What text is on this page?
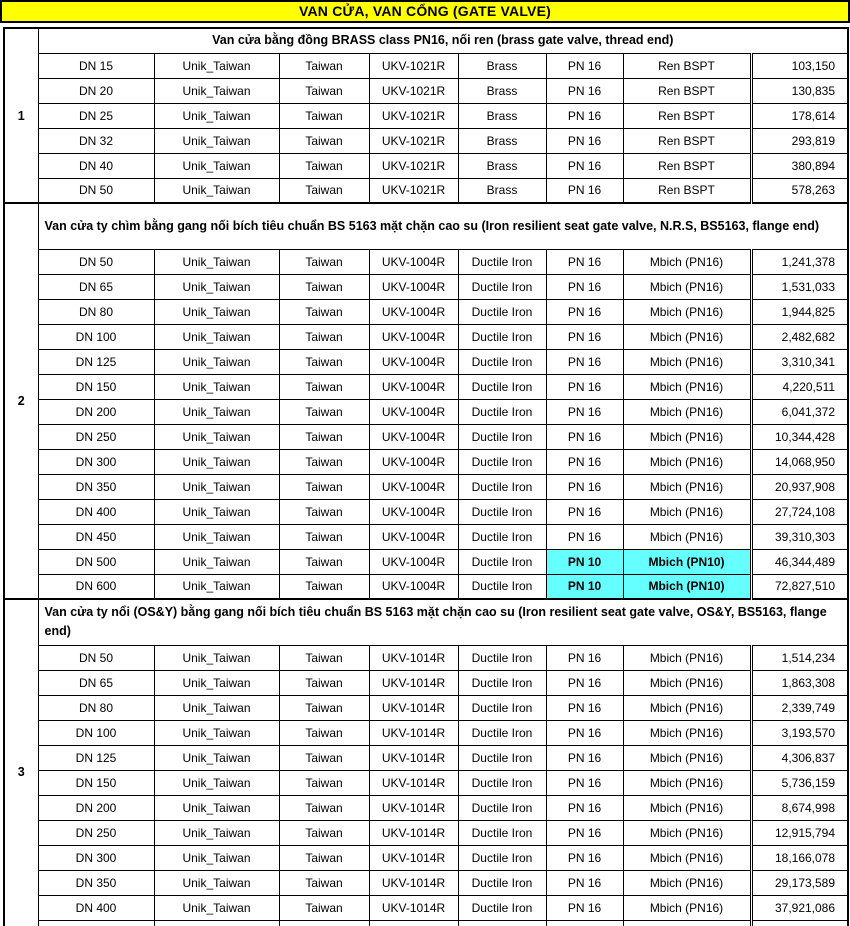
VAN CỬA, VAN CỔNG (GATE VALVE)
1	Van cửa bằng đồng BRASS class PN16, nối ren (brass gate valve, thread end)							
	DN 15	Unik_Taiwan	Taiwan	UKV-1021R	Brass	PN 16	Ren BSPT	103,150
	DN 20	Unik_Taiwan	Taiwan	UKV-1021R	Brass	PN 16	Ren BSPT	130,835
	DN 25	Unik_Taiwan	Taiwan	UKV-1021R	Brass	PN 16	Ren BSPT	178,614
	DN 32	Unik_Taiwan	Taiwan	UKV-1021R	Brass	PN 16	Ren BSPT	293,819
	DN 40	Unik_Taiwan	Taiwan	UKV-1021R	Brass	PN 16	Ren BSPT	380,894
	DN 50	Unik_Taiwan	Taiwan	UKV-1021R	Brass	PN 16	Ren BSPT	578,263
2	Van cửa ty chìm bằng gang nối bích tiêu chuẩn BS 5163 mặt chặn cao su (Iron resilient seat gate valve, N.R.S, BS5163, flange end)							
	DN 50	Unik_Taiwan	Taiwan	UKV-1004R	Ductile Iron	PN 16	Mbich (PN16)	1,241,378
	DN 65	Unik_Taiwan	Taiwan	UKV-1004R	Ductile Iron	PN 16	Mbich (PN16)	1,531,033
	DN 80	Unik_Taiwan	Taiwan	UKV-1004R	Ductile Iron	PN 16	Mbich (PN16)	1,944,825
	DN 100	Unik_Taiwan	Taiwan	UKV-1004R	Ductile Iron	PN 16	Mbich (PN16)	2,482,682
	DN 125	Unik_Taiwan	Taiwan	UKV-1004R	Ductile Iron	PN 16	Mbich (PN16)	3,310,341
	DN 150	Unik_Taiwan	Taiwan	UKV-1004R	Ductile Iron	PN 16	Mbich (PN16)	4,220,511
	DN 200	Unik_Taiwan	Taiwan	UKV-1004R	Ductile Iron	PN 16	Mbich (PN16)	6,041,372
	DN 250	Unik_Taiwan	Taiwan	UKV-1004R	Ductile Iron	PN 16	Mbich (PN16)	10,344,428
	DN 300	Unik_Taiwan	Taiwan	UKV-1004R	Ductile Iron	PN 16	Mbich (PN16)	14,068,950
	DN 350	Unik_Taiwan	Taiwan	UKV-1004R	Ductile Iron	PN 16	Mbich (PN16)	20,937,908
	DN 400	Unik_Taiwan	Taiwan	UKV-1004R	Ductile Iron	PN 16	Mbich (PN16)	27,724,108
	DN 450	Unik_Taiwan	Taiwan	UKV-1004R	Ductile Iron	PN 16	Mbich (PN16)	39,310,303
	DN 500	Unik_Taiwan	Taiwan	UKV-1004R	Ductile Iron	PN 10	Mbich (PN10)	46,344,489
	DN 600	Unik_Taiwan	Taiwan	UKV-1004R	Ductile Iron	PN 10	Mbich (PN10)	72,827,510
3	Van cửa ty nổi (OS&Y) bằng gang nối bích tiêu chuẩn BS 5163 mặt chặn cao su (Iron resilient seat gate valve, OS&Y, BS5163, flange end)							
	DN 50	Unik_Taiwan	Taiwan	UKV-1014R	Ductile Iron	PN 16	Mbich (PN16)	1,514,234
	DN 65	Unik_Taiwan	Taiwan	UKV-1014R	Ductile Iron	PN 16	Mbich (PN16)	1,863,308
	DN 80	Unik_Taiwan	Taiwan	UKV-1014R	Ductile Iron	PN 16	Mbich (PN16)	2,339,749
	DN 100	Unik_Taiwan	Taiwan	UKV-1014R	Ductile Iron	PN 16	Mbich (PN16)	3,193,570
	DN 125	Unik_Taiwan	Taiwan	UKV-1014R	Ductile Iron	PN 16	Mbich (PN16)	4,306,837
	DN 150	Unik_Taiwan	Taiwan	UKV-1014R	Ductile Iron	PN 16	Mbich (PN16)	5,736,159
	DN 200	Unik_Taiwan	Taiwan	UKV-1014R	Ductile Iron	PN 16	Mbich (PN16)	8,674,998
	DN 250	Unik_Taiwan	Taiwan	UKV-1014R	Ductile Iron	PN 16	Mbich (PN16)	12,915,794
	DN 300	Unik_Taiwan	Taiwan	UKV-1014R	Ductile Iron	PN 16	Mbich (PN16)	18,166,078
	DN 350	Unik_Taiwan	Taiwan	UKV-1014R	Ductile Iron	PN 16	Mbich (PN16)	29,173,589
	DN 400	Unik_Taiwan	Taiwan	UKV-1014R	Ductile Iron	PN 16	Mbich (PN16)	37,921,086
